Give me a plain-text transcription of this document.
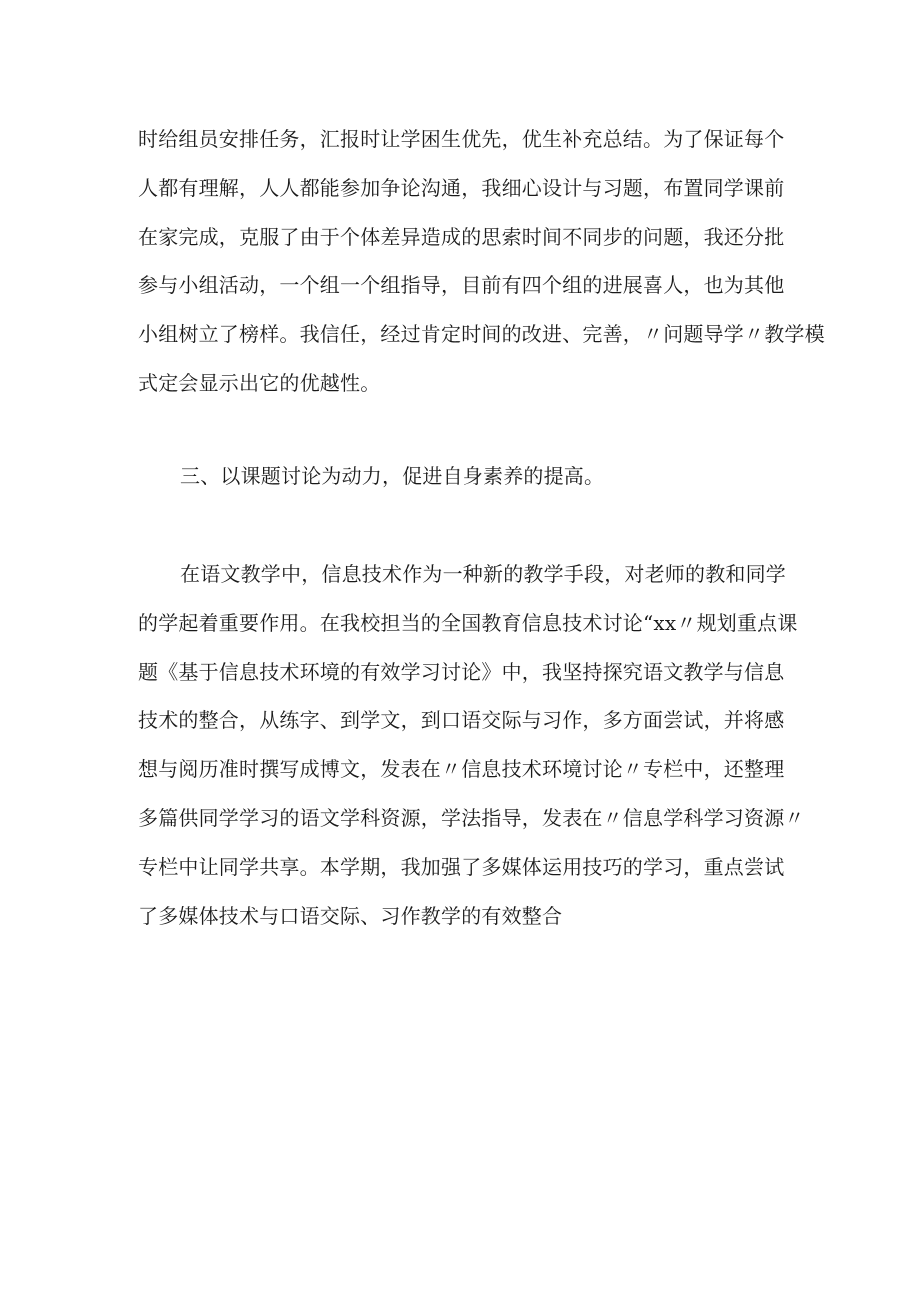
时给组员安排任务，汇报时让学困生优先，优生补充总结。为了保证每个
人都有理解，人人都能参加争论沟通，我细心设计与习题，布置同学课前
在家完成，克服了由于个体差异造成的思索时间不同步的问题，我还分批
参与小组活动，一个组一个组指导，目前有四个组的进展喜人，也为其他
小组树立了榜样。我信任，经过肯定时间的改进、完善，〃问题导学〃教学模
式定会显示出它的优越性。
三、以课题讨论为动力，促进自身素养的提高。
在语文教学中，信息技术作为一种新的教学手段，对老师的教和同学
的学起着重要作用。在我校担当的全国教育信息技术讨论“xx〃规划重点课
题《基于信息技术环境的有效学习讨论》中，我坚持探究语文教学与信息
技术的整合，从练字、到学文，到口语交际与习作，多方面尝试，并将感
想与阅历准时撰写成博文，发表在〃信息技术环境讨论〃专栏中，还整理
多篇供同学学习的语文学科资源，学法指导，发表在〃信息学科学习资源〃
专栏中让同学共享。本学期，我加强了多媒体运用技巧的学习，重点尝试
了多媒体技术与口语交际、习作教学的有效整合
